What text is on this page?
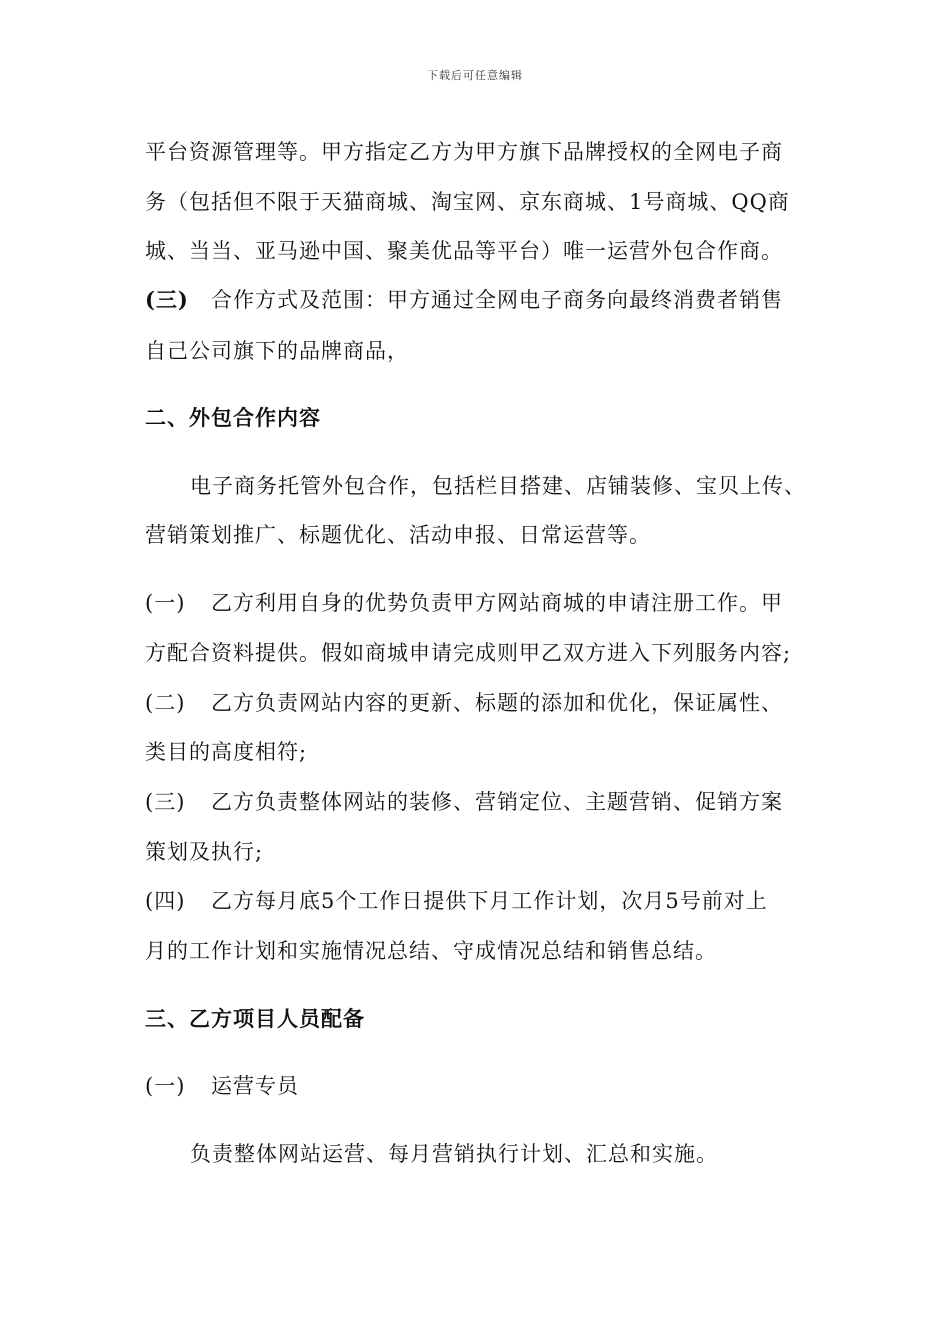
下载后可任意编辑
平台资源管理等。甲方指定乙方为甲方旗下品牌授权的全网电子商
务（包括但不限于天猫商城、淘宝网、京东商城、1号商城、QQ商
城、当当、亚马逊中国、聚美优品等平台）唯一运营外包合作商。
(三) 合作方式及范围：甲方通过全网电子商务向最终消费者销售
自己公司旗下的品牌商品，
二、外包合作内容
电子商务托管外包合作，包括栏目搭建、店铺装修、宝贝上传、
营销策划推广、标题优化、活动申报、日常运营等。
(一) 乙方利用自身的优势负责甲方网站商城的申请注册工作。甲
方配合资料提供。假如商城申请完成则甲乙双方进入下列服务内容;
(二) 乙方负责网站内容的更新、标题的添加和优化，保证属性、
类目的高度相符;
(三) 乙方负责整体网站的装修、营销定位、主题营销、促销方案
策划及执行;
(四) 乙方每月底5个工作日提供下月工作计划，次月5号前对上
月的工作计划和实施情况总结、守成情况总结和销售总结。
三、乙方项目人员配备
(一) 运营专员
负责整体网站运营、每月营销执行计划、汇总和实施。
